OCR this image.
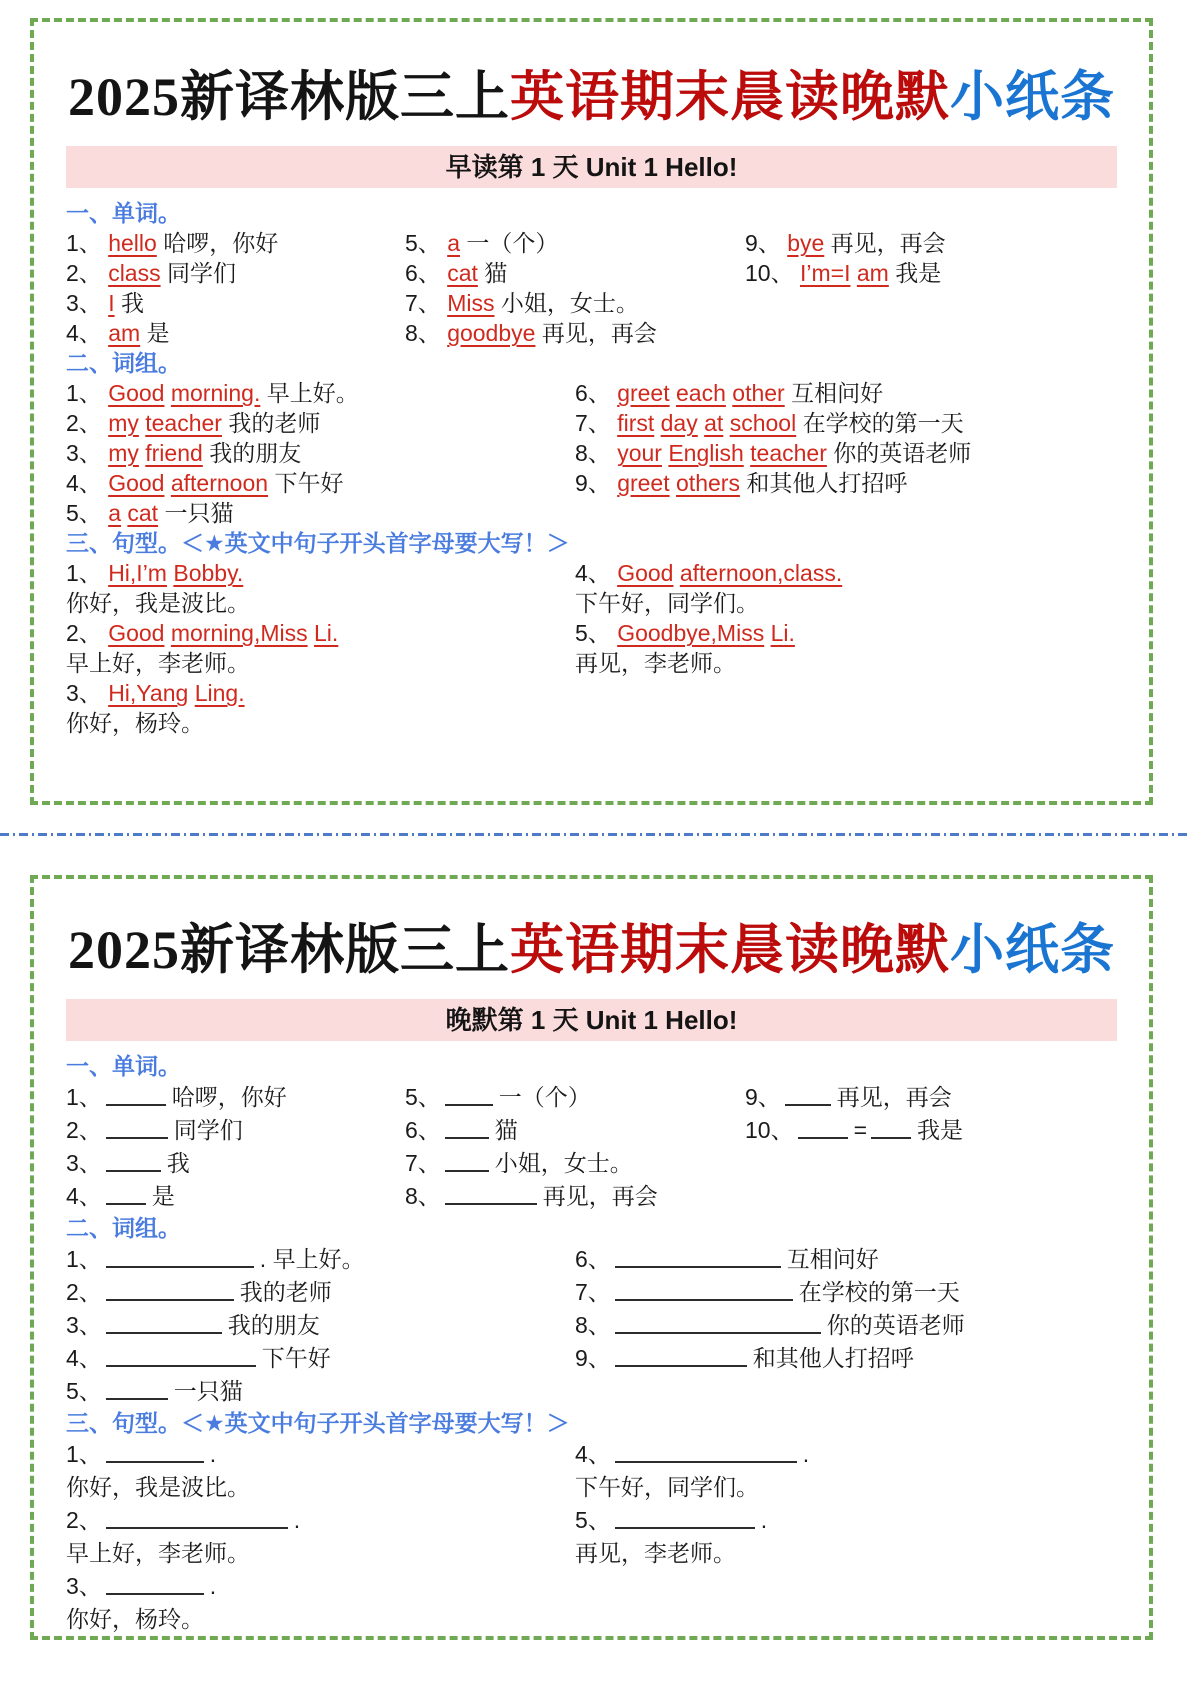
2025新译林版三上英语期末晨读晚默小纸条
早读第 1 天 Unit 1 Hello!
一、单词。
1、 hello 哈啰，你好
2、 class 同学们
3、 I 我
4、 am 是
5、 a 一（个）
6、 cat 猫
7、 Miss 小姐，女士。
8、 goodbye 再见，再会
9、 bye 再见，再会
10、 I’m=I am 我是
二、词组。
1、 Good morning. 早上好。
2、 my teacher 我的老师
3、 my friend 我的朋友
4、 Good afternoon 下午好
5、 a cat 一只猫
6、 greet each other 互相问好
7、 first day at school 在学校的第一天
8、 your English teacher 你的英语老师
9、 greet others 和其他人打招呼
三、句型。＜★英文中句子开头首字母要大写！＞
1、 Hi,I’m Bobby.
你好，我是波比。
2、 Good morning,Miss Li.
早上好，李老师。
3、 Hi,Yang Ling.
你好，杨玲。
4、 Good afternoon,class.
下午好，同学们。
5、 Goodbye,Miss Li.
再见，李老师。
2025新译林版三上英语期末晨读晚默小纸条
晚默第 1 天 Unit 1 Hello!
一、单词。
1、	哈啰，你好
2、	同学们
3、	我
4、 是
5、	一（个）
6、 猫
7、 小姐，女士。
8、	再见，再会
9、 再见，再会
10、	= 我是
二、词组。
1、	. 早上好。
2、	我的老师
3、	我的朋友
4、	下午好
5、	一只猫
6、	互相问好
7、	在学校的第一天
8、	你的英语老师
9、	和其他人打招呼
三、句型。＜★英文中句子开头首字母要大写！＞
1、	.
你好，我是波比。
2、	.
早上好，李老师。
3、	.
你好，杨玲。
4、	.
下午好，同学们。
5、	.
再见，李老师。
